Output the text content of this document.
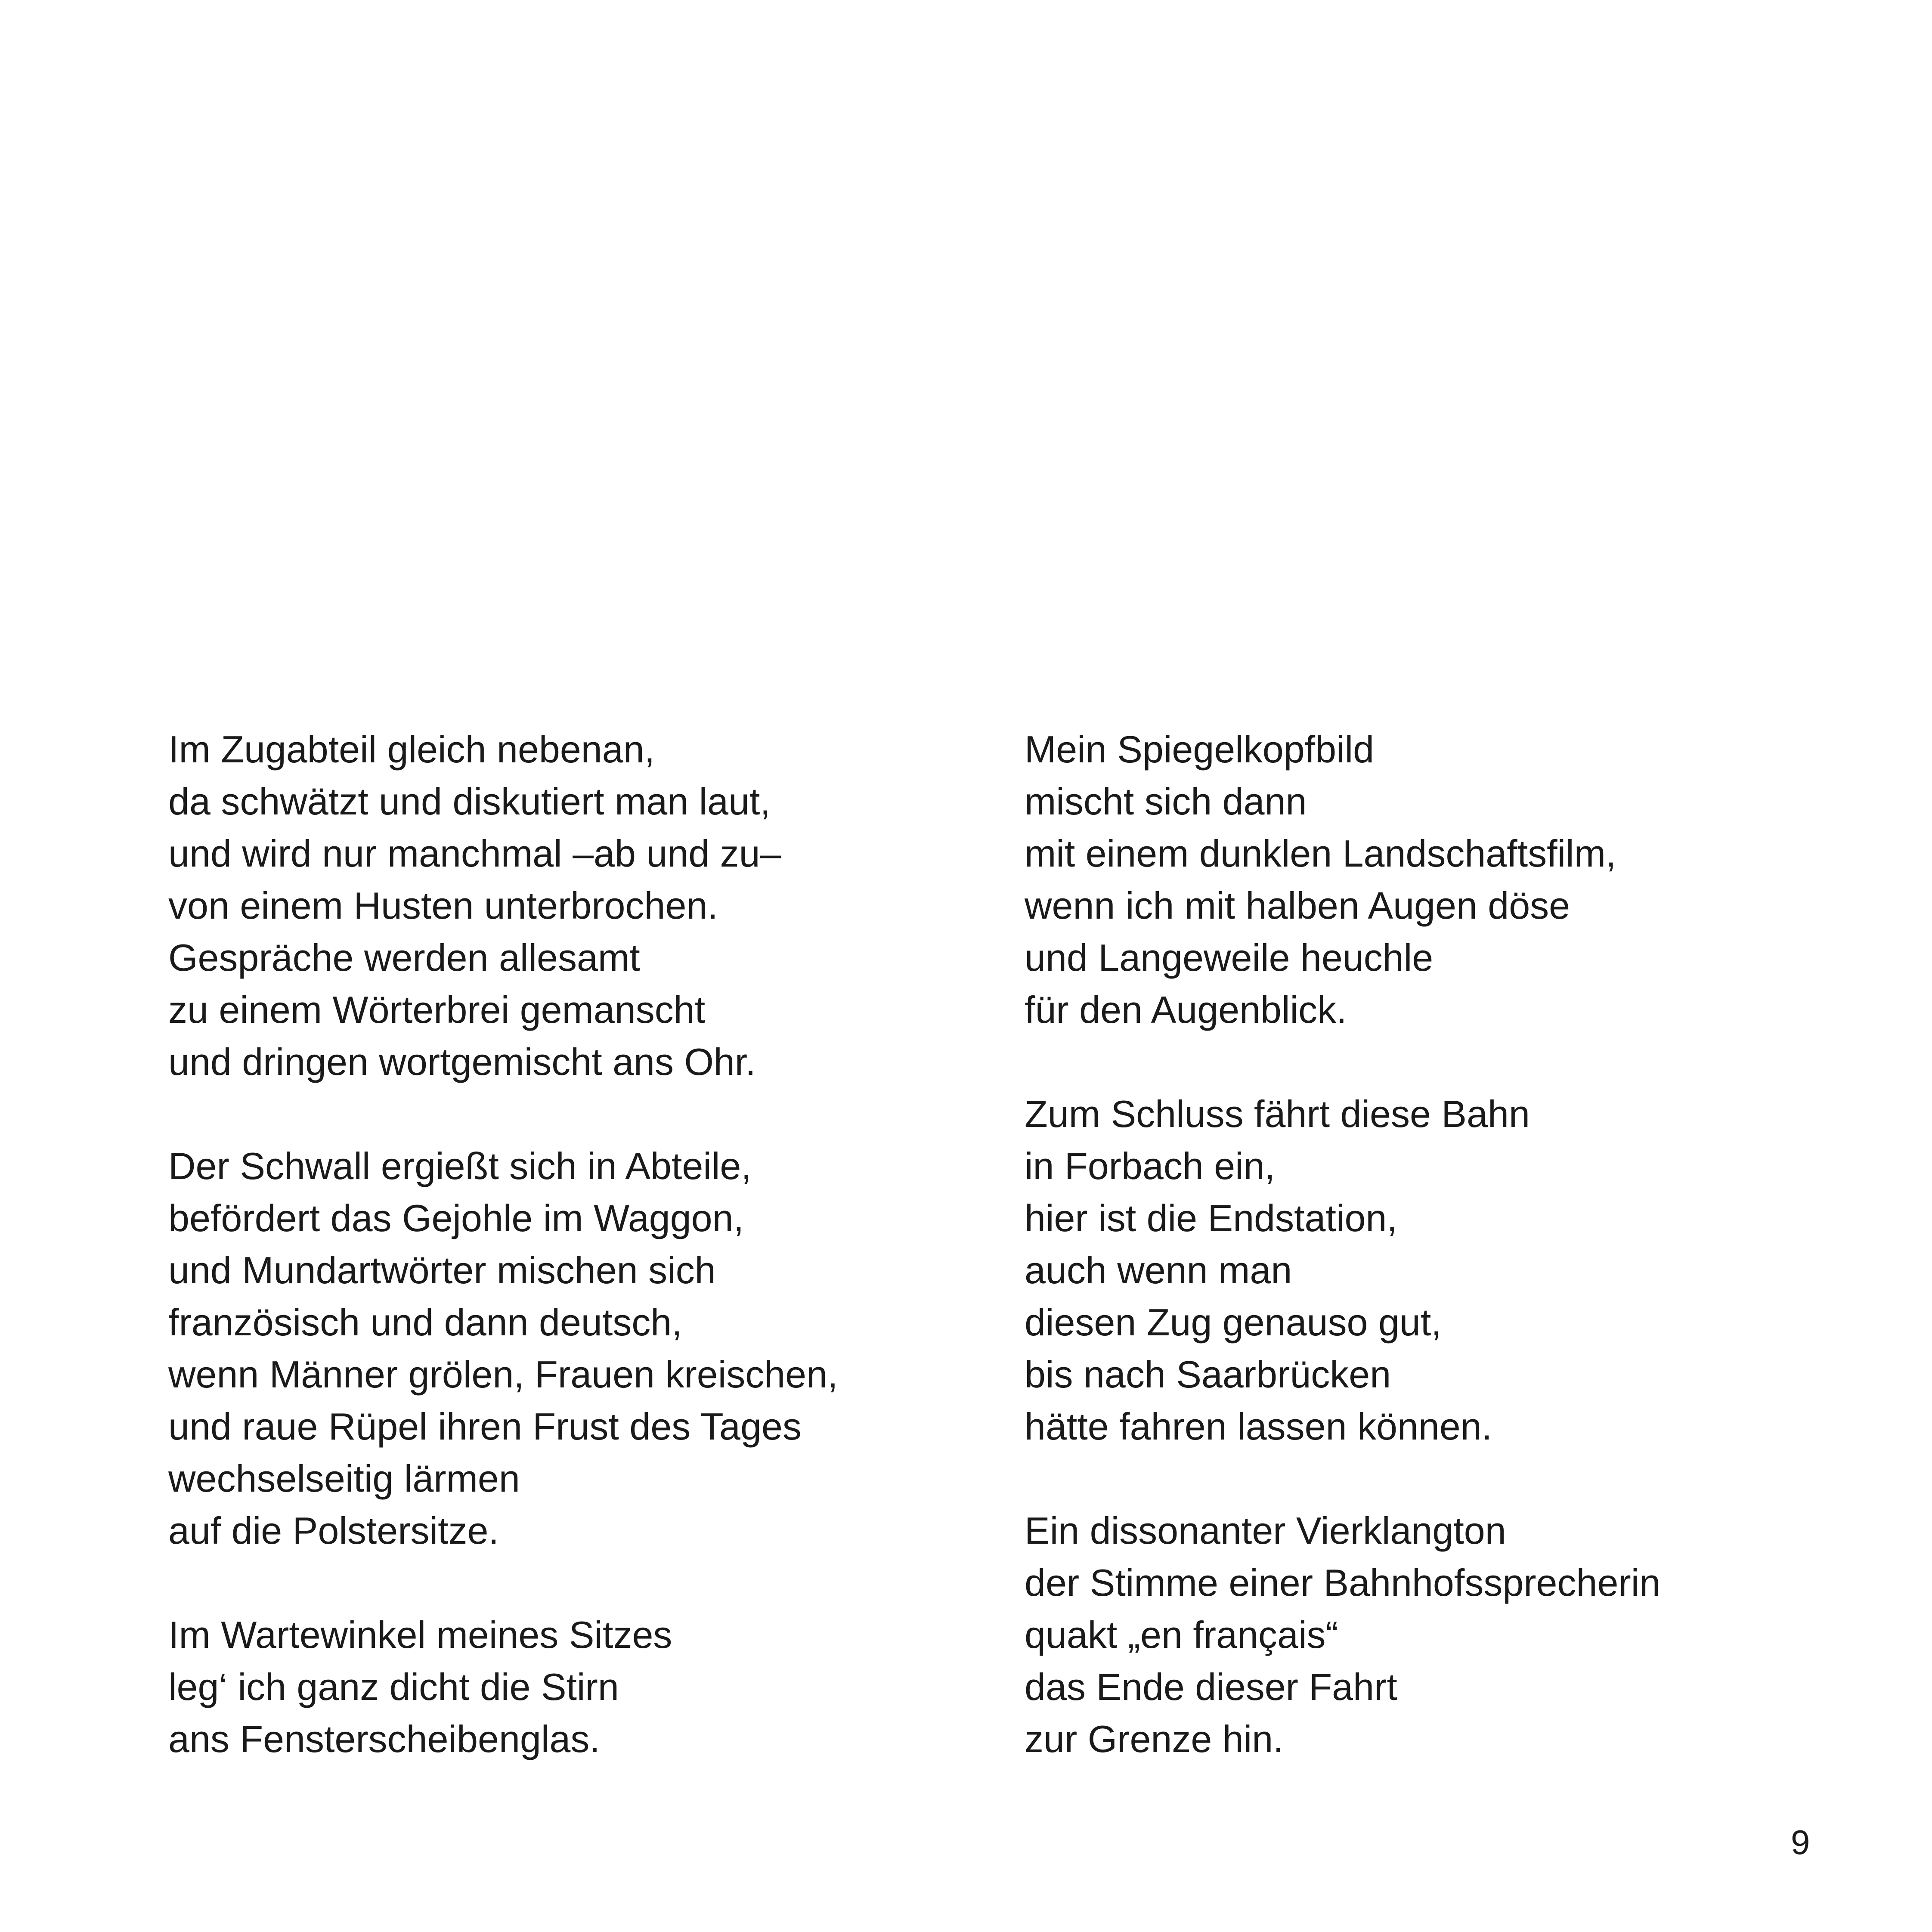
Im Zugabteil gleich nebenan,
da schwätzt und diskutiert man laut,
und wird nur manchmal –ab und zu–
von einem Husten unterbrochen.
Gespräche werden allesamt
zu einem Wörterbrei gemanscht
und dringen wortgemischt ans Ohr.
Der Schwall ergießt sich in Abteile,
befördert das Gejohle im Waggon,
und Mundartwörter mischen sich
französisch und dann deutsch,
wenn Männer grölen, Frauen kreischen,
und raue Rüpel ihren Frust des Tages
wechselseitig lärmen
auf die Polstersitze.
Im Wartewinkel meines Sitzes
leg‘ ich ganz dicht die Stirn
ans Fensterscheibenglas.
Mein Spiegelkopfbild
mischt sich dann
mit einem dunklen Landschaftsfilm,
wenn ich mit halben Augen döse
und Langeweile heuchle
für den Augenblick.
Zum Schluss fährt diese Bahn
in Forbach ein,
hier ist die Endstation,
auch wenn man
diesen Zug genauso gut,
bis nach Saarbrücken
hätte fahren lassen können.
Ein dissonanter Vierklangton
der Stimme einer Bahnhofssprecherin
quakt „en français“
das Ende dieser Fahrt
zur Grenze hin.
9
